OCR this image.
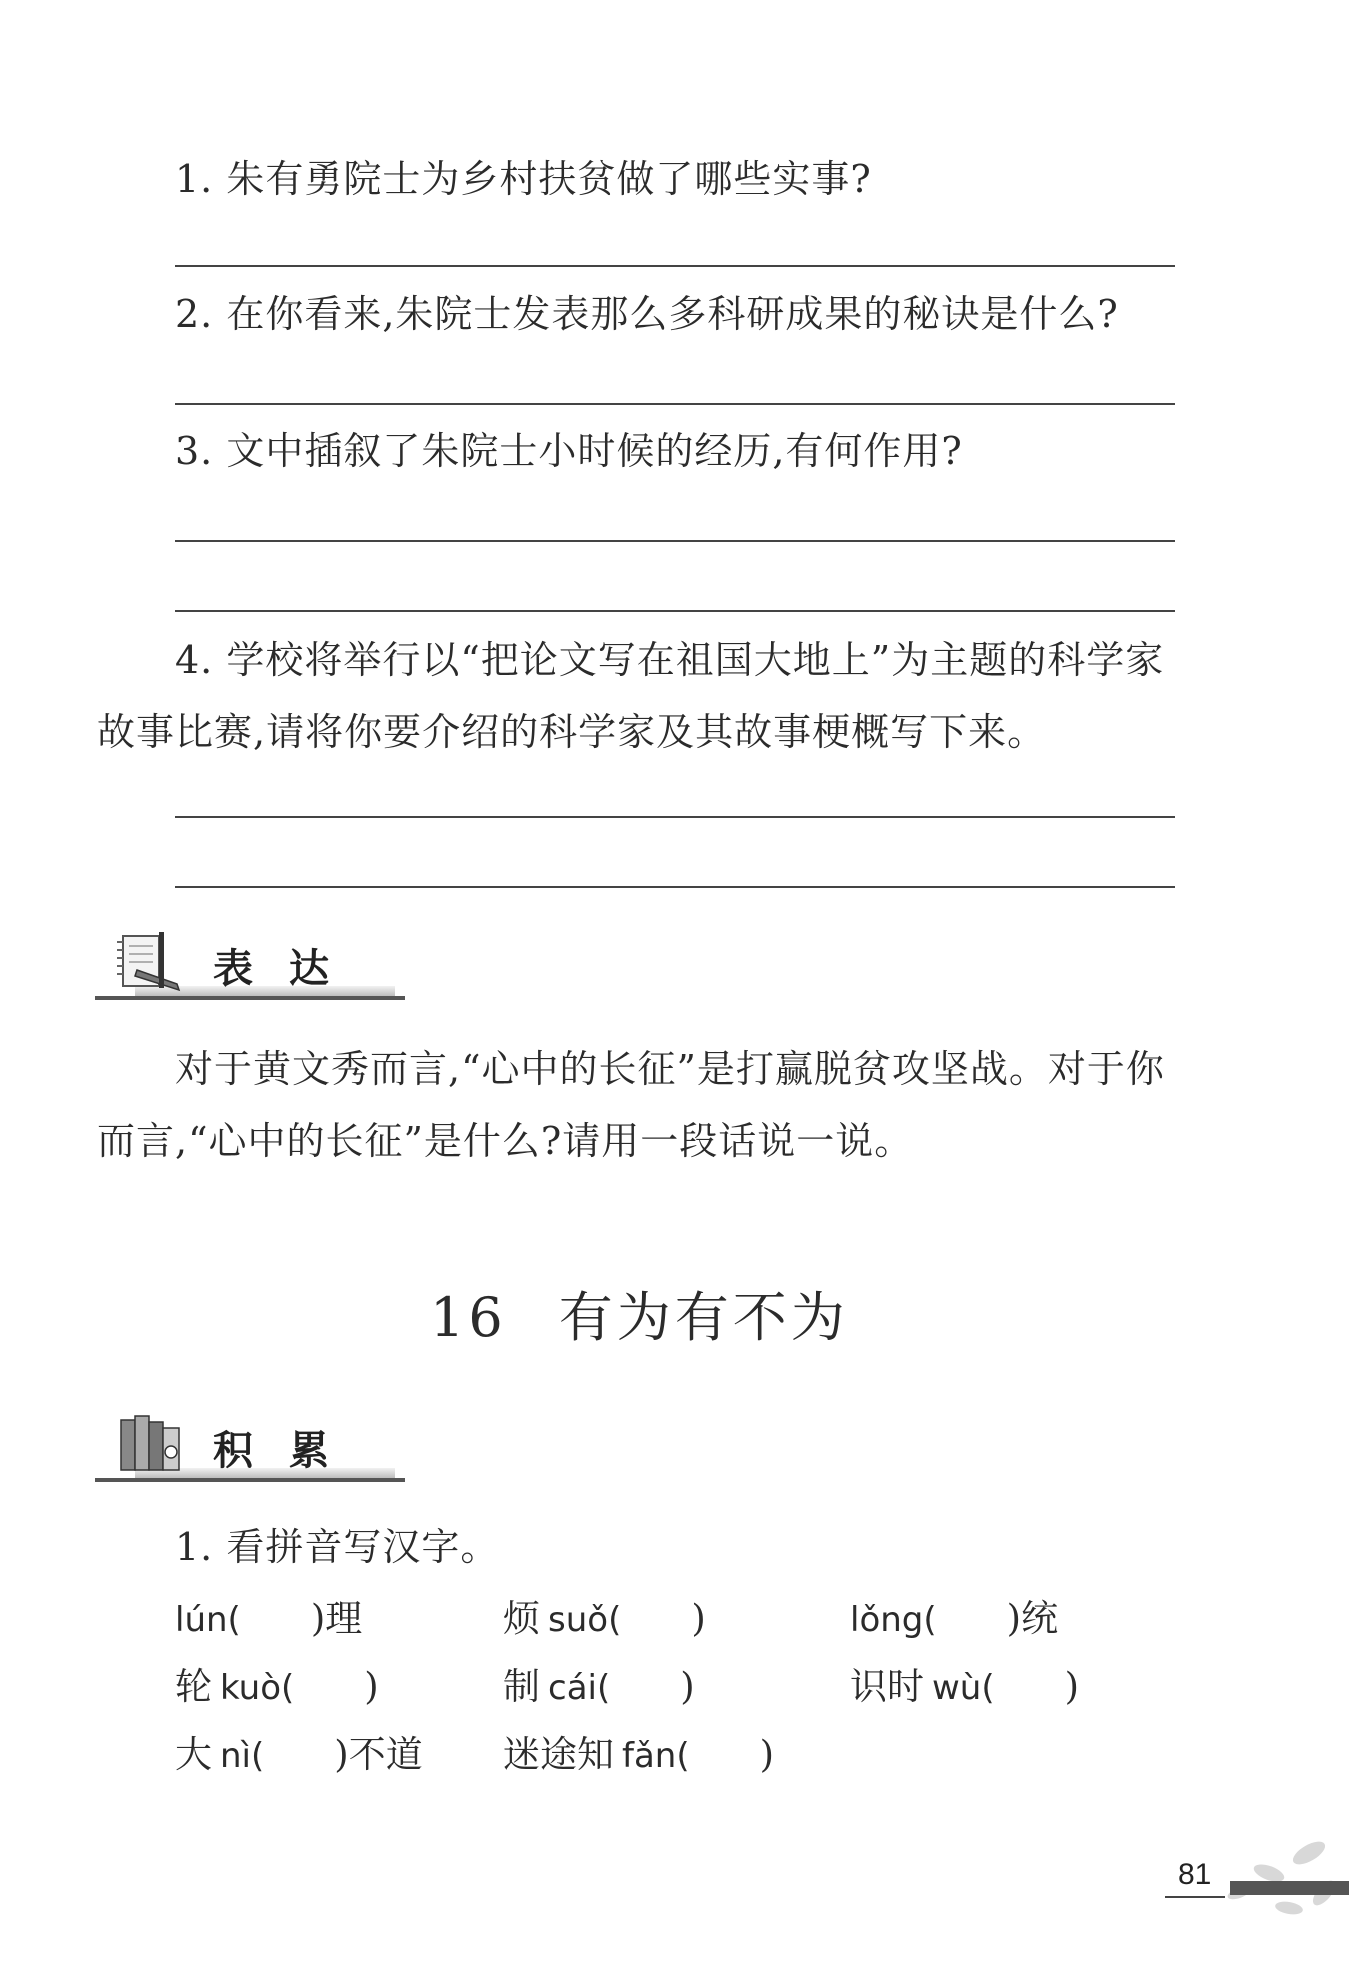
1. 朱有勇院士为乡村扶贫做了哪些实事?
2. 在你看来,朱院士发表那么多科研成果的秘诀是什么?
3. 文中插叙了朱院士小时候的经历,有何作用?
4. 学校将举行以“把论文写在祖国大地上”为主题的科学家故事比赛,请将你要介绍的科学家及其故事梗概写下来。
表达
对于黄文秀而言,“心中的长征”是打赢脱贫攻坚战。对于你而言,“心中的长征”是什么?请用一段话说一说。
16 有为有不为
积累
1. 看拼音写汉字。
lún( )理	烦 suǒ( )	lǒng( )统
轮 kuò( )	制 cái( )	识时 wù( )
大 nì( )不道 迷途知 fǎn( )
81
